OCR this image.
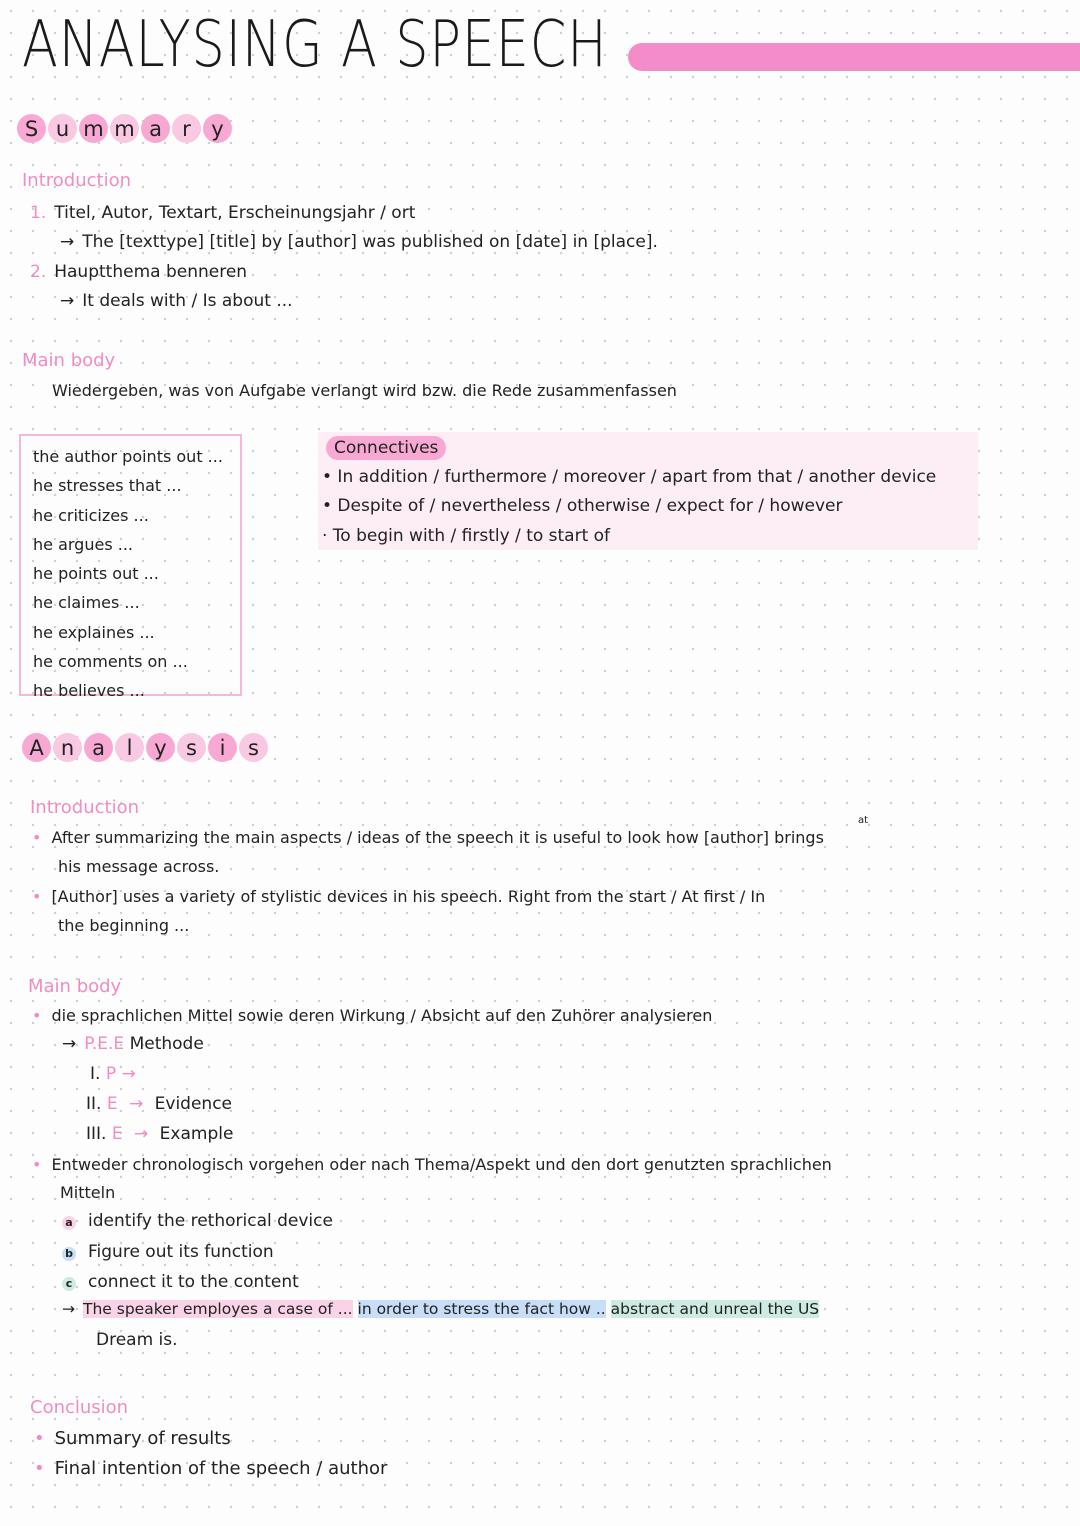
ANALYSING A SPEECH
S u m m a r y
Introduction
1. Titel, Autor, Textart, Erscheinungsjahr / ort
→ The [texttype] [title] by [author] was published on [date] in [place].
2. Hauptthema benneren
→ It deals with / Is about ...
Main body
Wiedergeben, was von Aufgabe verlangt wird bzw. die Rede zusammenfassen
the author points out ...
he stresses that ...
he criticizes ...
he argues ...
he points out ...
he claimes ...
he explaines ...
he comments on ...
he believes ...
Connectives
• In addition / furthermore / moreover / apart from that / another device
• Despite of / nevertheless / otherwise / expect for / however
· To begin with / firstly / to start of
A n a	l	y s	i	s
Introduction
at
• After summarizing the main aspects / ideas of the speech it is useful to look how [author] brings
his message across.
• [Author] uses a variety of stylistic devices in his speech. Right from the start / At first / In
the beginning ...
Main body
• die sprachlichen Mittel sowie deren Wirkung / Absicht auf den Zuhörer analysieren
→ P.E.E Methode
I. P →
II. E → Evidence
III. E → Example
• Entweder chronologisch vorgehen oder nach Thema/Aspekt und den dort genutzten sprachlichen
Mitteln
a identify the rethorical device
b Figure out its function
c connect it to the content
→ The speaker employes a case of ... in order to stress the fact how .. abstract and unreal the US
Dream is.
Conclusion
• Summary of results
• Final intention of the speech / author
